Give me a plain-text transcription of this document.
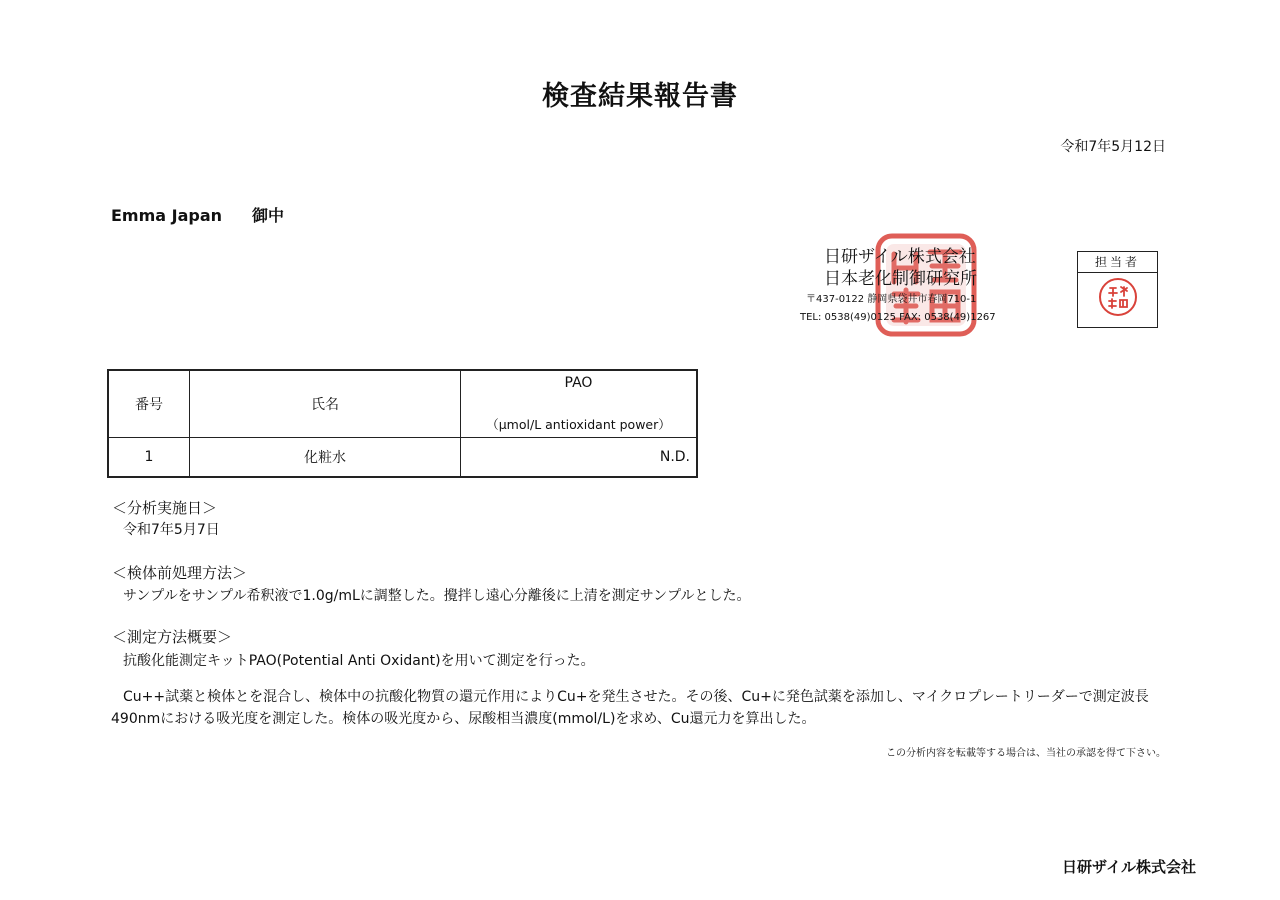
検査結果報告書
令和7年5月12日
Emma Japan 御中
日研ザイル株式会社
日本老化制御研究所
〒437-0122 静岡県袋井市春岡710-1
TEL: 0538(49)0125 FAX: 0538(49)1267
担当者
番号	氏名	PAO
（μmol/L antioxidant power）

1	化粧水	N.D.
＜分析実施日＞
令和7年5月7日
＜検体前処理方法＞
サンプルをサンプル希釈液で1.0g/mLに調整した。攪拌し遠心分離後に上清を測定サンプルとした。
＜測定方法概要＞
抗酸化能測定キットPAO(Potential Anti Oxidant)を用いて測定を行った。
Cu++試薬と検体とを混合し、検体中の抗酸化物質の還元作用によりCu+を発生させた。その後、Cu+に発色試薬を添加し、マイクロプレートリーダーで測定波長490nmにおける吸光度を測定した。検体の吸光度から、尿酸相当濃度(mmol/L)を求め、Cu還元力を算出した。
この分析内容を転載等する場合は、当社の承認を得て下さい。
日研ザイル株式会社
